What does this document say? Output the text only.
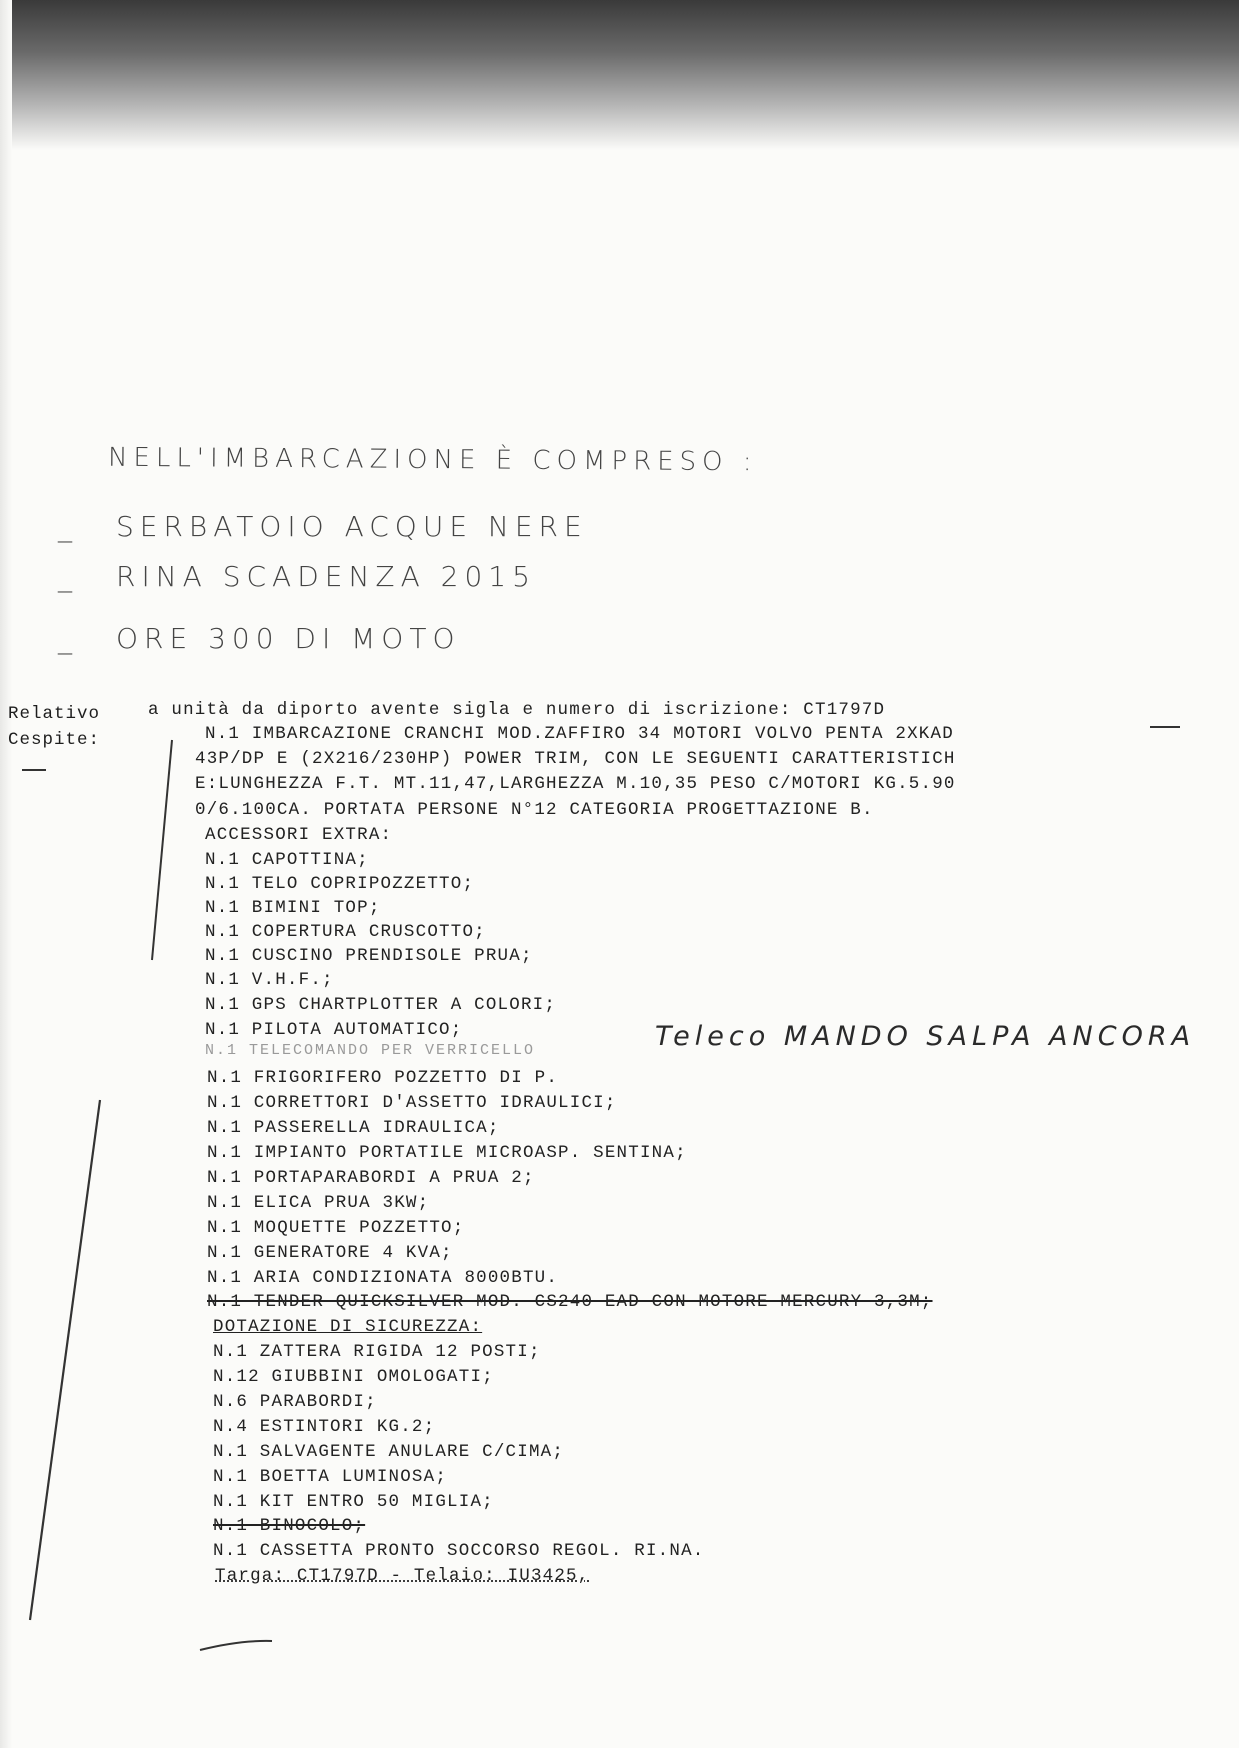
NELL'IMBARCAZIONE È COMPRESO :
_ SERBATOIO ACQUE NERE
_ RINA SCADENZA 2015
_ ORE 300 DI MOTO
Relativo	a unità da diporto avente sigla e numero di iscrizione: CT1797D
Cespite:	N.1 IMBARCAZIONE CRANCHI MOD.ZAFFIRO 34 MOTORI VOLVO PENTA 2XKAD
43P/DP E (2X216/230HP) POWER TRIM, CON LE SEGUENTI CARATTERISTICH
E:LUNGHEZZA F.T. MT.11,47,LARGHEZZA M.10,35 PESO C/MOTORI KG.5.90
0/6.100CA. PORTATA PERSONE N°12 CATEGORIA PROGETTAZIONE B.
ACCESSORI EXTRA:
N.1 CAPOTTINA;
N.1 TELO COPRIPOZZETTO;
N.1 BIMINI TOP;
N.1 COPERTURA CRUSCOTTO;
N.1 CUSCINO PRENDISOLE PRUA;
N.1 V.H.F.;
N.1 GPS CHARTPLOTTER A COLORI;
N.1 PILOTA AUTOMATICO;
N.1 TELECOMANDO PER VERRICELLO	Teleco MANDO SALPA ANCORA
N.1 FRIGORIFERO POZZETTO DI P.
N.1 CORRETTORI D'ASSETTO IDRAULICI;
N.1 PASSERELLA IDRAULICA;
N.1 IMPIANTO PORTATILE MICROASP. SENTINA;
N.1 PORTAPARABORDI A PRUA 2;
N.1 ELICA PRUA 3KW;
N.1 MOQUETTE POZZETTO;
N.1 GENERATORE 4 KVA;
N.1 ARIA CONDIZIONATA 8000BTU.
N.1 TENDER QUICKSILVER MOD. CS240 EAD CON MOTORE MERCURY 3,3M;
DOTAZIONE DI SICUREZZA:
N.1 ZATTERA RIGIDA 12 POSTI;
N.12 GIUBBINI OMOLOGATI;
N.6 PARABORDI;
N.4 ESTINTORI KG.2;
N.1 SALVAGENTE ANULARE C/CIMA;
N.1 BOETTA LUMINOSA;
N.1 KIT ENTRO 50 MIGLIA;
N.1 BINOCOLO;
N.1 CASSETTA PRONTO SOCCORSO REGOL. RI.NA.
Targa: CT1797D - Telaio: IU3425,
